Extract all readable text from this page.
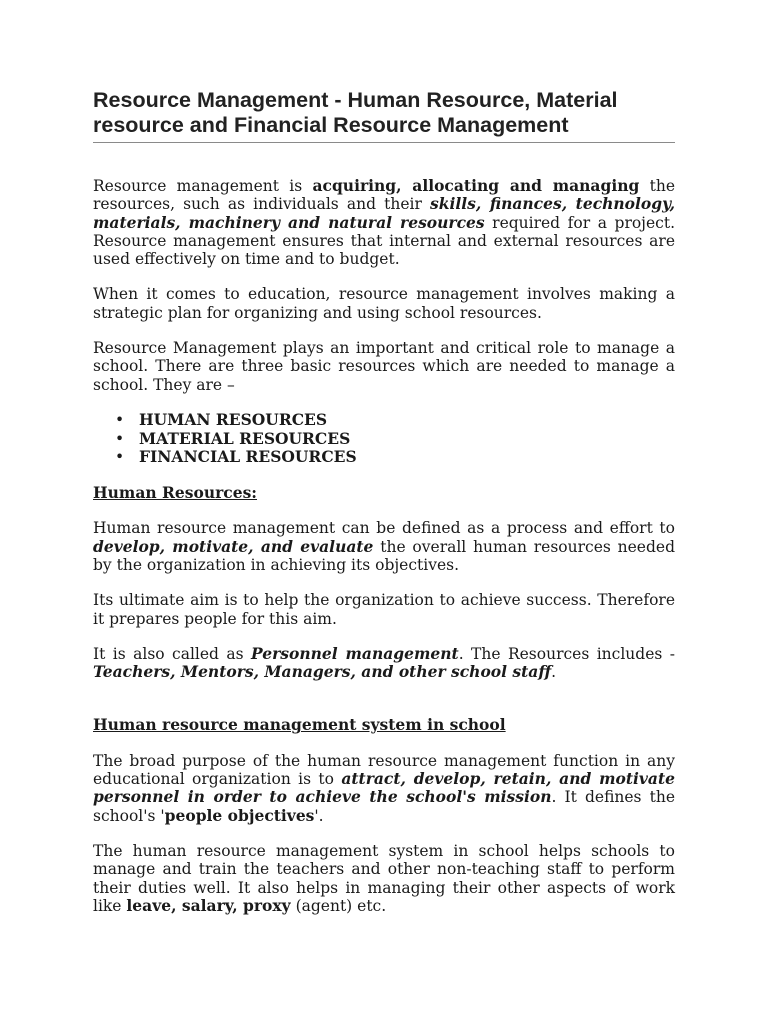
Resource Management - Human Resource, Material resource and Financial Resource Management

Resource management is acquiring, allocating and managing the resources, such as individuals and their skills, finances, technology, materials, machinery and natural resources required for a project. Resource management ensures that internal and external resources are used effectively on time and to budget.

When it comes to education, resource management involves making a strategic plan for organizing and using school resources.

Resource Management plays an important and critical role to manage a school. There are three basic resources which are needed to manage a school. They are –

• HUMAN RESOURCES
• MATERIAL RESOURCES
• FINANCIAL RESOURCES
Human Resources:

Human resource management can be defined as a process and effort to develop, motivate, and evaluate the overall human resources needed by the organization in achieving its objectives.

Its ultimate aim is to help the organization to achieve success. Therefore it prepares people for this aim.

It is also called as Personnel management. The Resources includes - Teachers, Mentors, Managers, and other school staff.

Human resource management system in school

The broad purpose of the human resource management function in any educational organization is to attract, develop, retain, and motivate personnel in order to achieve the school's mission. It defines the school's 'people objectives'.

The human resource management system in school helps schools to manage and train the teachers and other non-teaching staff to perform their duties well. It also helps in managing their other aspects of work like leave, salary, proxy (agent) etc.
